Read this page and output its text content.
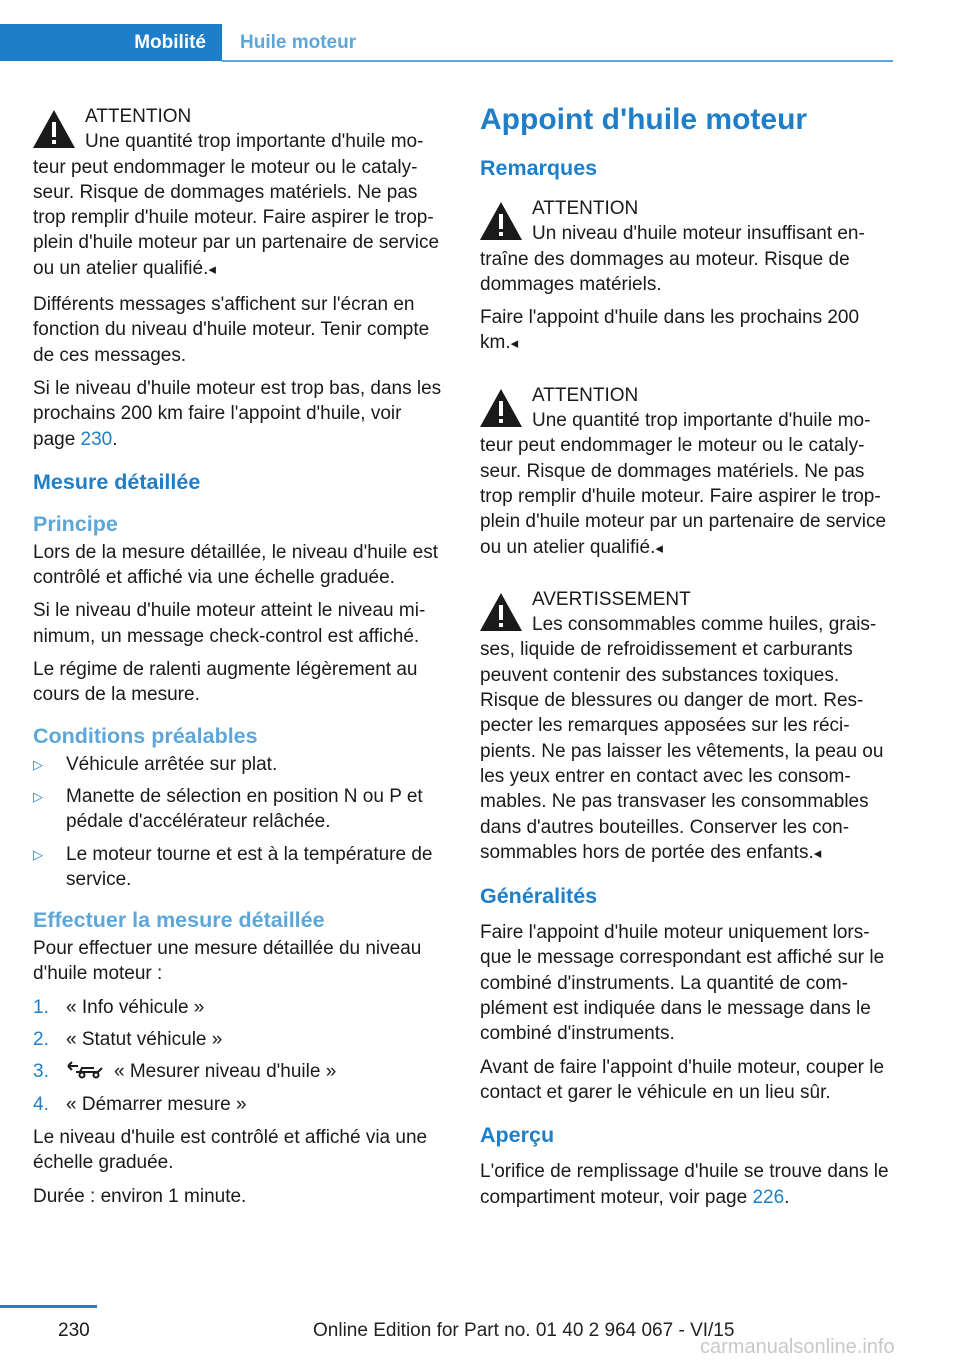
Mobilité Huile moteur
ATTENTION
Une quantité trop importante d'huile moteur peut endommager le moteur ou le catalyseur. Risque de dommages matériels. Ne pas trop remplir d'huile moteur. Faire aspirer le trop-plein d'huile moteur par un partenaire de service ou un atelier qualifié.◂

Différents messages s'affichent sur l'écran en fonction du niveau d'huile moteur. Tenir compte de ces messages.

Si le niveau d'huile moteur est trop bas, dans les prochains 200 km faire l'appoint d'huile, voir page 230.

Mesure détaillée
Principe

Lors de la mesure détaillée, le niveau d'huile est contrôlé et affiché via une échelle graduée.

Si le niveau d'huile moteur atteint le niveau minimum, un message check-control est affiché.

Le régime de ralenti augmente légèrement au cours de la mesure.

Conditions préalables
▷ Véhicule arrêtée sur plat.
▷ Manette de sélection en position N ou P et pédale d'accélérateur relâchée.
▷ Le moteur tourne et est à la température de service.
Effectuer la mesure détaillée

Pour effectuer une mesure détaillée du niveau d'huile moteur :

1. « Info véhicule »
2. « Statut véhicule »
3.	« Mesurer niveau d'huile »
4. « Démarrer mesure »

Le niveau d'huile est contrôlé et affiché via une échelle graduée.

Durée : environ 1 minute.

Appoint d'huile moteur
Remarques
ATTENTION
Un niveau d'huile moteur insuffisant entraîne des dommages au moteur. Risque de dommages matériels.

Faire l'appoint d'huile dans les prochains 200 km.◂

ATTENTION
Une quantité trop importante d'huile moteur peut endommager le moteur ou le catalyseur. Risque de dommages matériels. Ne pas trop remplir d'huile moteur. Faire aspirer le trop-plein d'huile moteur par un partenaire de service ou un atelier qualifié.◂
AVERTISSEMENT
Les consommables comme huiles, graisses, liquide de refroidissement et carburants peuvent contenir des substances toxiques. Risque de blessures ou danger de mort. Respecter les remarques apposées sur les récipients. Ne pas laisser les vêtements, la peau ou les yeux entrer en contact avec les consommables. Ne pas transvaser les consommables dans d'autres bouteilles. Conserver les consommables hors de portée des enfants.◂
Généralités

Faire l'appoint d'huile moteur uniquement lorsque le message correspondant est affiché sur le combiné d'instruments. La quantité de complément est indiquée dans le message dans le combiné d'instruments.

Avant de faire l'appoint d'huile moteur, couper le contact et garer le véhicule en un lieu sûr.

Aperçu

L'orifice de remplissage d'huile se trouve dans le compartiment moteur, voir page 226.

230	Online Edition for Part no. 01 40 2 964 067 - VI/15
carmanualsonline.info
